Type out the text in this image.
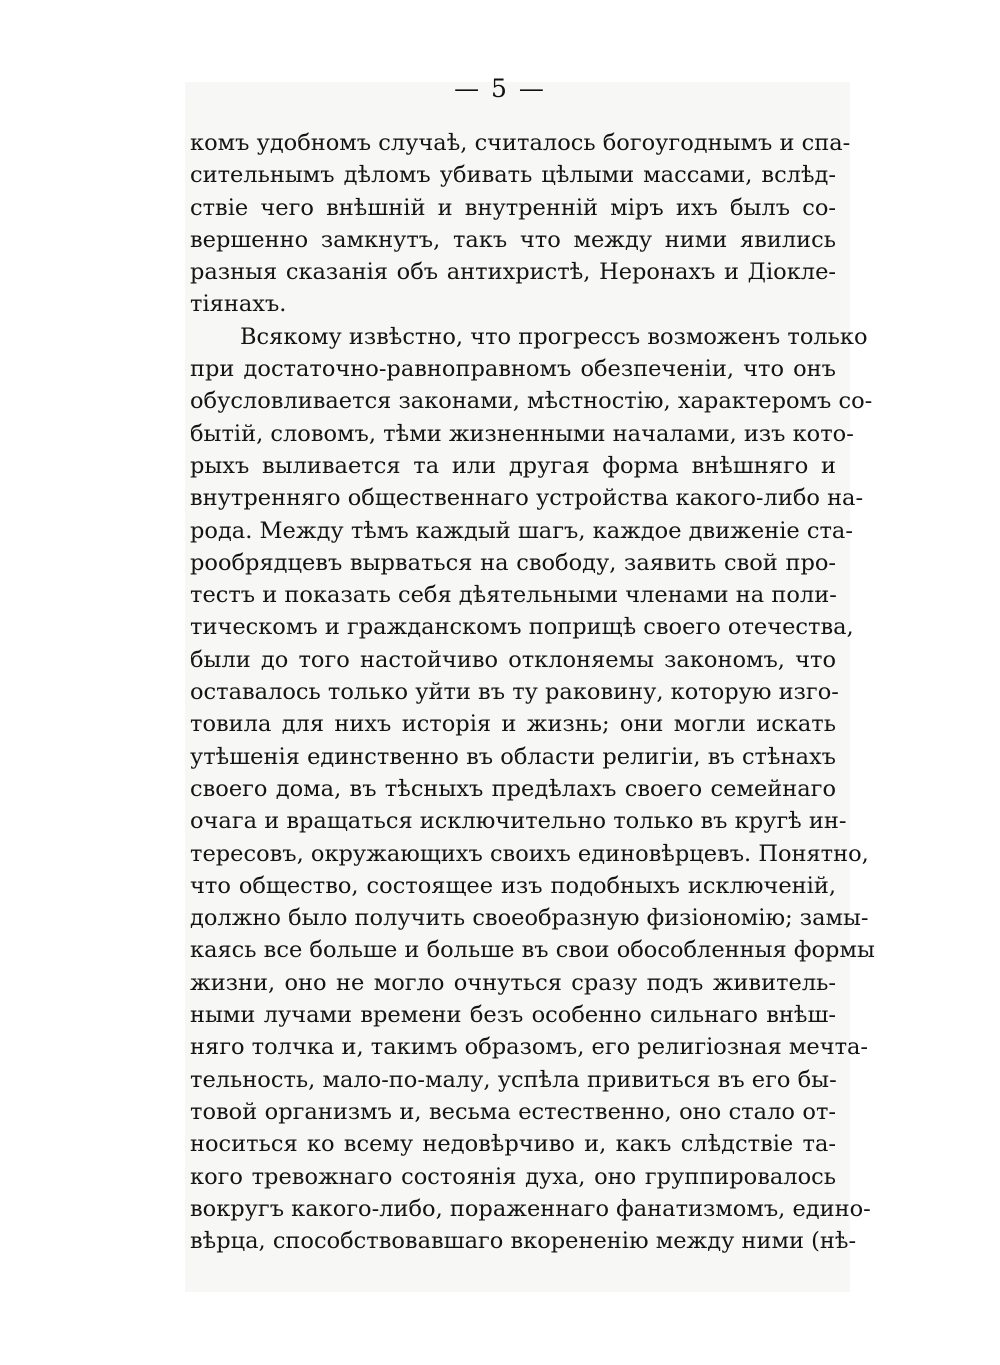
— 5 —
комъ удобномъ случаѣ, считалось богоугоднымъ и спа-
сительнымъ дѣломъ убивать цѣлыми массами, вслѣд-
ствіе чего внѣшній и внутренній міръ ихъ былъ со-
вершенно замкнутъ, такъ что между ними явились
разныя сказанія объ антихристѣ, Неронахъ и Діокле-
тіянахъ.
Всякому извѣстно, что прогрессъ возможенъ только
при достаточно-равноправномъ обезпеченіи, что онъ
обусловливается законами, мѣстностію, характеромъ со-
бытій, словомъ, тѣми жизненными началами, изъ кото-
рыхъ выливается та или другая форма внѣшняго и
внутренняго общественнаго устройства какого-либо на-
рода. Между тѣмъ каждый шагъ, каждое движеніе ста-
рообрядцевъ вырваться на свободу, заявить свой про-
тестъ и показать себя дѣятельными членами на поли-
тическомъ и гражданскомъ поприщѣ своего отечества,
были до того настойчиво отклоняемы закономъ, что
оставалось только уйти въ ту раковину, которую изго-
товила для нихъ исторія и жизнь; они могли искать
утѣшенія единственно въ области религіи, въ стѣнахъ
своего дома, въ тѣсныхъ предѣлахъ своего семейнаго
очага и вращаться исключительно только въ кругѣ ин-
тересовъ, окружающихъ своихъ единовѣрцевъ. Понятно,
что общество, состоящее изъ подобныхъ исключеній,
должно было получить своеобразную физіономію; замы-
каясь все больше и больше въ свои обособленныя формы
жизни, оно не могло очнуться сразу подъ живитель-
ными лучами времени безъ особенно сильнаго внѣш-
няго толчка и, такимъ образомъ, его религіозная мечта-
тельность, мало-по-малу, успѣла привиться въ его бы-
товой организмъ и, весьма естественно, оно стало от-
носиться ко всему недовѣрчиво и, какъ слѣдствіе та-
кого тревожнаго состоянія духа, оно группировалось
вокругъ какого-либо, пораженнаго фанатизмомъ, едино-
вѣрца, способствовавшаго вкорененію между ними (нѣ-
